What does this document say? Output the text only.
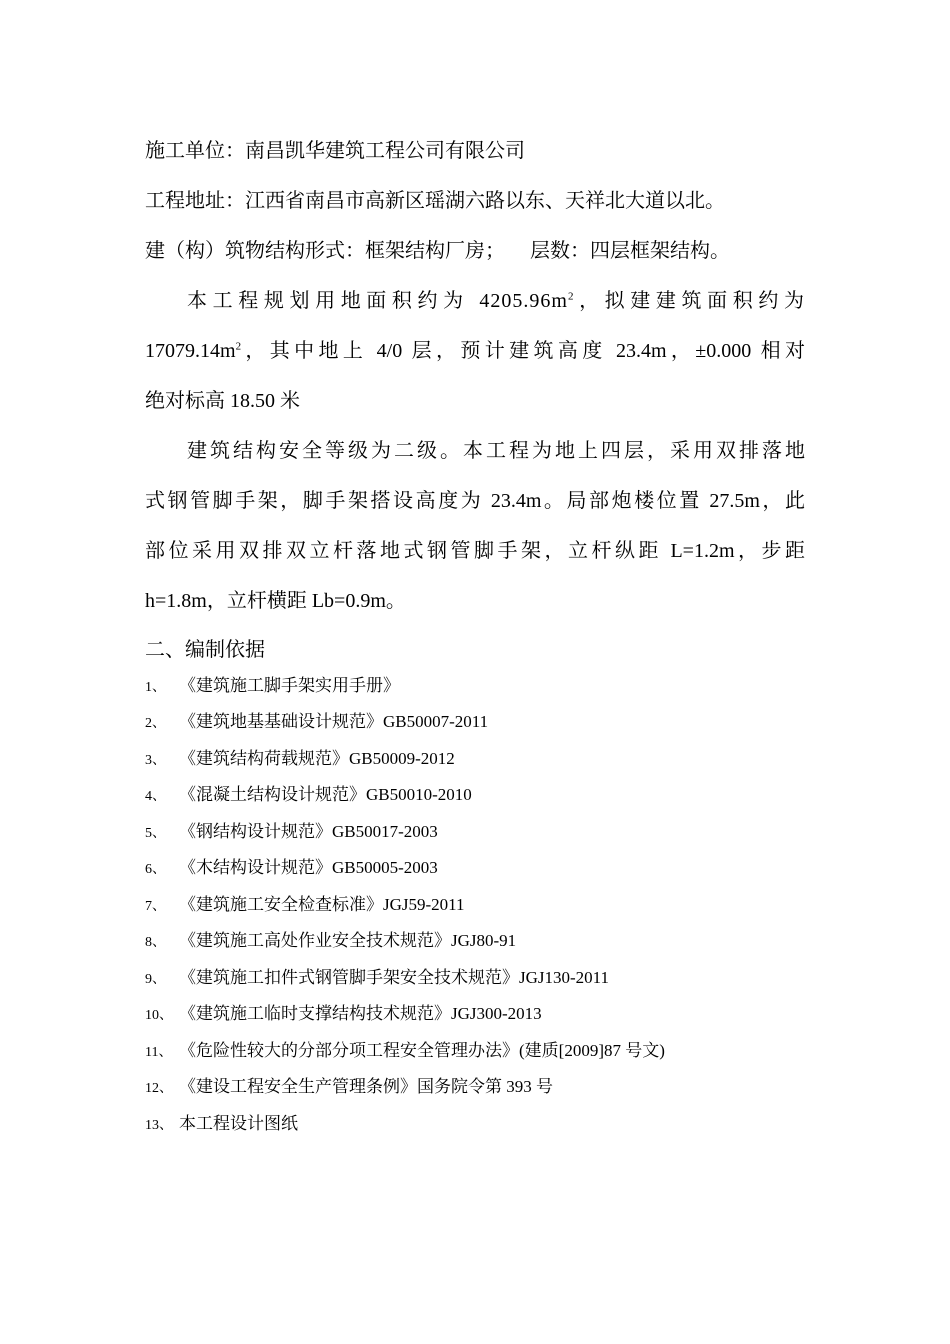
施工单位：南昌凯华建筑工程公司有限公司
工程地址：江西省南昌市高新区瑶湖六路以东、天祥北大道以北。
建（构）筑物结构形式：框架结构厂房；     层数：四层框架结构。
本工程规划用地面积约为 $4205.96m^2$，拟建建筑面积约为
$17079.14m^2$，其中地上 4/0 层，预计建筑高度 23.4m，±0.000 相对
绝对标高 18.50 米
建筑结构安全等级为二级。本工程为地上四层，采用双排落地
式钢管脚手架，脚手架搭设高度为 23.4m。局部炮楼位置 27.5m，此
部位采用双排双立杆落地式钢管脚手架，立杆纵距 L=1.2m，步距
h=1.8m，立杆横距 Lb=0.9m。
二、编制依据
1、 《建筑施工脚手架实用手册》
2、 《建筑地基基础设计规范》GB50007-2011
3、 《建筑结构荷载规范》GB50009-2012
4、 《混凝土结构设计规范》GB50010-2010
5、 《钢结构设计规范》GB50017-2003
6、 《木结构设计规范》GB50005-2003
7、 《建筑施工安全检查标准》JGJ59-2011
8、 《建筑施工高处作业安全技术规范》JGJ80-91
9、 《建筑施工扣件式钢管脚手架安全技术规范》JGJ130-2011
10、 《建筑施工临时支撑结构技术规范》JGJ300-2013
11、 《危险性较大的分部分项工程安全管理办法》(建质[2009]87 号文)
12、 《建设工程安全生产管理条例》国务院令第 393 号
13、 本工程设计图纸
